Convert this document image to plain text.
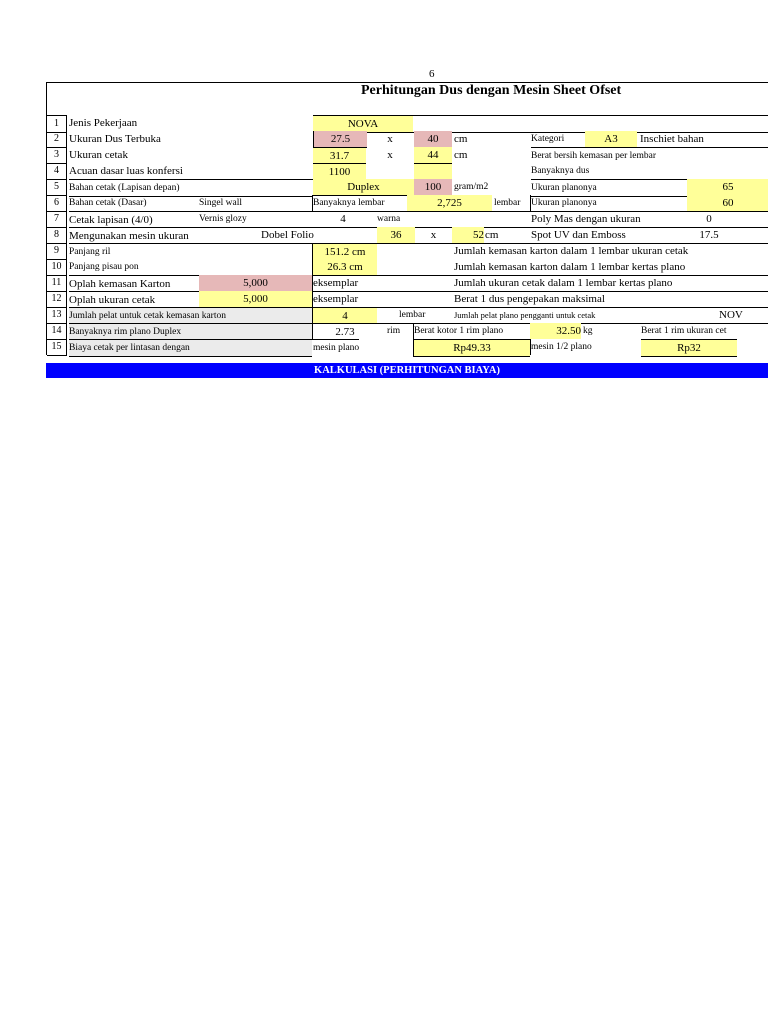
6
Perhitungan Dus dengan Mesin Sheet Ofset
1 Jenis Pekerjaan	NOVA
2 Ukuran Dus Terbuka	27.5	x	40	cm	Kategori	A3	Inschiet bahan
3 Ukuran cetak	31.7	x	44	cm	Berat bersih kemasan per lembar
4 Acuan dasar luas konfersi	1100	Banyaknya dus
5	Bahan cetak (Lapisan depan)	Duplex	100	gram/m2	Ukuran planonya	65
6	Bahan cetak (Dasar)	Singel wall	Banyaknya lembar	2,725	lembar Ukuran planonya	60
7 Cetak lapisan (4/0)	Vernis glozy	4	warna	Poly Mas dengan ukuran	0
8 Mengunakan mesin ukuran	Dobel Folio	36	x	52 cm	Spot UV dan Emboss	17.5
9	Panjang ril	151.2 cm	Jumlah kemasan karton dalam 1 lembar ukuran cetak
10 Panjang pisau pon	26.3 cm	Jumlah kemasan karton dalam 1 lembar kertas plano
11 Oplah kemasan Karton	5,000	eksemplar	Jumlah ukuran cetak dalam 1 lembar kertas plano
12 Oplah ukuran cetak	5,000	eksemplar	Berat 1 dus pengepakan maksimal
13 Jumlah pelat untuk cetak kemasan karton	4	lembar	Jumlah pelat plano pengganti untuk cetak	NOV
14 Banyaknya rim plano Duplex	2.73	rim Berat kotor 1 rim plano	32.50 kg	Berat 1 rim ukuran cet
15 Biaya cetak per lintasan dengan	mesin plano	Rp49.33	mesin 1/2 plano	Rp32
KALKULASI (PERHITUNGAN BIAYA)
